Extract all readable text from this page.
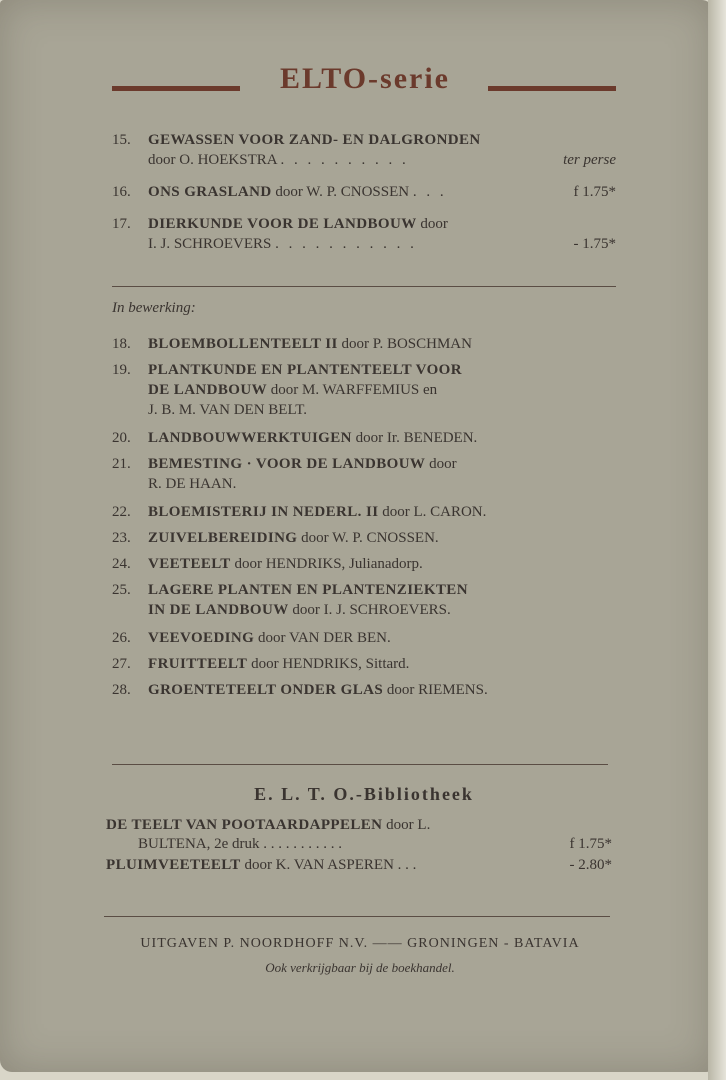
ELTO-serie
15.	GEWASSEN VOOR ZAND- EN DALGRONDEN
door O. HOEKSTRA . . . . . . . . . .	ter perse
16.	ONS GRASLAND door W. P. CNOSSEN . . .	f 1.75*
17.	DIERKUNDE VOOR DE LANDBOUW door
I. J. SCHROEVERS . . . . . . . . . . .	- 1.75*
In bewerking:
18.	BLOEMBOLLENTEELT II door P. BOSCHMAN
19.	PLANTKUNDE EN PLANTENTEELT VOOR
DE LANDBOUW door M. WARFFEMIUS en
J. B. M. VAN DEN BELT.
20.	LANDBOUWWERKTUIGEN door Ir. BENEDEN.
21.	BEMESTING · VOOR DE LANDBOUW door
R. DE HAAN.
22.	BLOEMISTERIJ IN NEDERL. II door L. CARON.
23.	ZUIVELBEREIDING door W. P. CNOSSEN.
24.	VEETEELT door HENDRIKS, Julianadorp.
25.	LAGERE PLANTEN EN PLANTENZIEKTEN
IN DE LANDBOUW door I. J. SCHROEVERS.
26.	VEEVOEDING door VAN DER BEN.
27.	FRUITTEELT door HENDRIKS, Sittard.
28.	GROENTETEELT ONDER GLAS door RIEMENS.
E. L. T. O.-Bibliotheek
DE TEELT VAN POOTAARDAPPELEN door L.
BULTENA, 2e druk . . . . . . . . . . .	f 1.75*
PLUIMVEETEELT door K. VAN ASPEREN . . .	- 2.80*
UITGAVEN P. NOORDHOFF N.V. —— GRONINGEN - BATAVIA
Ook verkrijgbaar bij de boekhandel.
